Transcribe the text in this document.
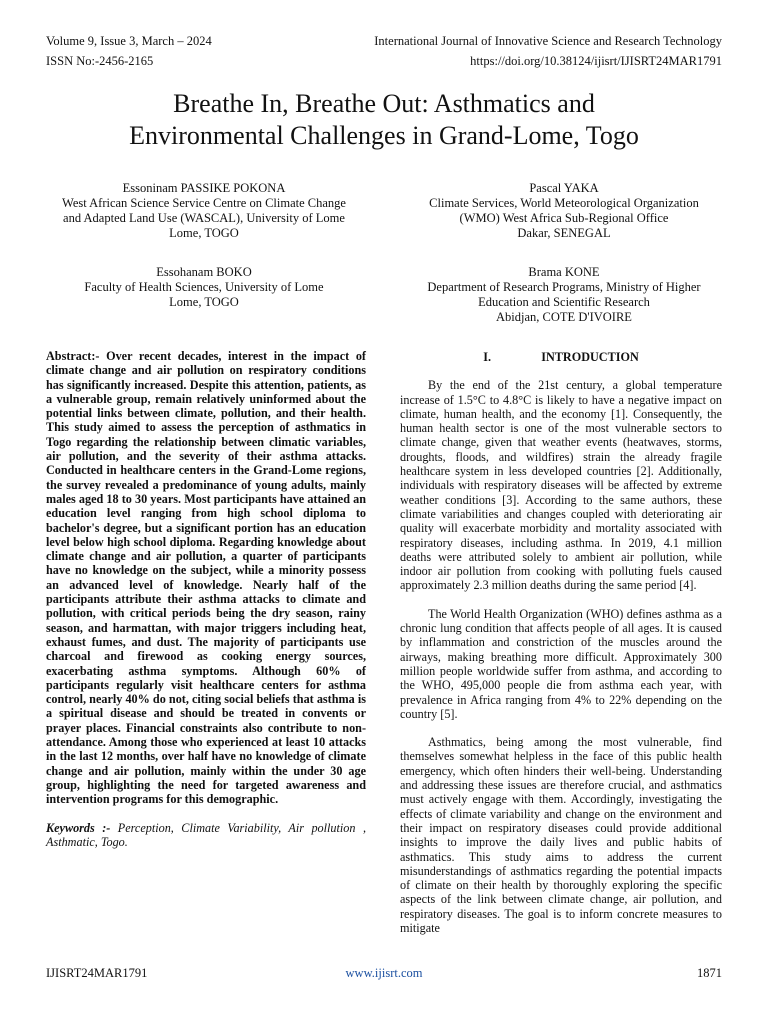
Volume 9, Issue 3, March – 2024	International Journal of Innovative Science and Research Technology
ISSN No:-2456-2165	https://doi.org/10.38124/ijisrt/IJISRT24MAR1791
Breathe In, Breathe Out: Asthmatics and
Environmental Challenges in Grand-Lome, Togo
Essoninam PASSIKE POKONA
West African Science Service Centre on Climate Change
and Adapted Land Use (WASCAL), University of Lome
Lome, TOGO
Pascal YAKA
Climate Services, World Meteorological Organization
(WMO) West Africa Sub-Regional Office
Dakar, SENEGAL
Essohanam BOKO
Faculty of Health Sciences, University of Lome
Lome, TOGO
Brama KONE
Department of Research Programs, Ministry of Higher
Education and Scientific Research
Abidjan, COTE D'IVOIRE

Abstract:- Over recent decades, interest in the impact of climate change and air pollution on respiratory conditions has significantly increased. Despite this attention, patients, as a vulnerable group, remain relatively uninformed about the potential links between climate, pollution, and their health. This study aimed to assess the perception of asthmatics in Togo regarding the relationship between climatic variables, air pollution, and the severity of their asthma attacks. Conducted in healthcare centers in the Grand-Lome regions, the survey revealed a predominance of young adults, mainly males aged 18 to 30 years. Most participants have attained an education level ranging from high school diploma to bachelor's degree, but a significant portion has an education level below high school diploma. Regarding knowledge about climate change and air pollution, a quarter of participants have no knowledge on the subject, while a minority possess an advanced level of knowledge. Nearly half of the participants attribute their asthma attacks to climate and pollution, with critical periods being the dry season, rainy season, and harmattan, with major triggers including heat, exhaust fumes, and dust. The majority of participants use charcoal and firewood as cooking energy sources, exacerbating asthma symptoms. Although 60% of participants regularly visit healthcare centers for asthma control, nearly 40% do not, citing social beliefs that asthma is a spiritual disease and should be treated in convents or prayer places. Financial constraints also contribute to non-attendance. Among those who experienced at least 10 attacks in the last 12 months, over half have no knowledge of climate change and air pollution, mainly within the under 30 age group, highlighting the need for targeted awareness and intervention programs for this demographic.

Keywords :- Perception, Climate Variability, Air pollution , Asthmatic, Togo.

I.	INTRODUCTION

By the end of the 21st century, a global temperature increase of 1.5°C to 4.8°C is likely to have a negative impact on climate, human health, and the economy [1]. Consequently, the human health sector is one of the most vulnerable sectors to climate change, given that weather events (heatwaves, storms, droughts, floods, and wildfires) strain the already fragile healthcare system in less developed countries [2]. Additionally, individuals with respiratory diseases will be affected by extreme weather conditions [3]. According to the same authors, these climate variabilities and changes coupled with deteriorating air quality will exacerbate morbidity and mortality associated with respiratory diseases, including asthma. In 2019, 4.1 million deaths were attributed solely to ambient air pollution, while indoor air pollution from cooking with polluting fuels caused approximately 2.3 million deaths during the same period [4].

The World Health Organization (WHO) defines asthma as a chronic lung condition that affects people of all ages. It is caused by inflammation and constriction of the muscles around the airways, making breathing more difficult. Approximately 300 million people worldwide suffer from asthma, and according to the WHO, 495,000 people die from asthma each year, with prevalence in Africa ranging from 4% to 22% depending on the country [5].

Asthmatics, being among the most vulnerable, find themselves somewhat helpless in the face of this public health emergency, which often hinders their well-being. Understanding and addressing these issues are therefore crucial, and asthmatics must actively engage with them. Accordingly, investigating the effects of climate variability and change on the environment and their impact on respiratory diseases could provide additional insights to improve the daily lives and public habits of asthmatics. This study aims to address the current misunderstandings of asthmatics regarding the potential impacts of climate on their health by thoroughly exploring the specific aspects of the link between climate change, air pollution, and respiratory diseases. The goal is to inform concrete measures to mitigate

IJISRT24MAR1791	www.ijisrt.com	1871
